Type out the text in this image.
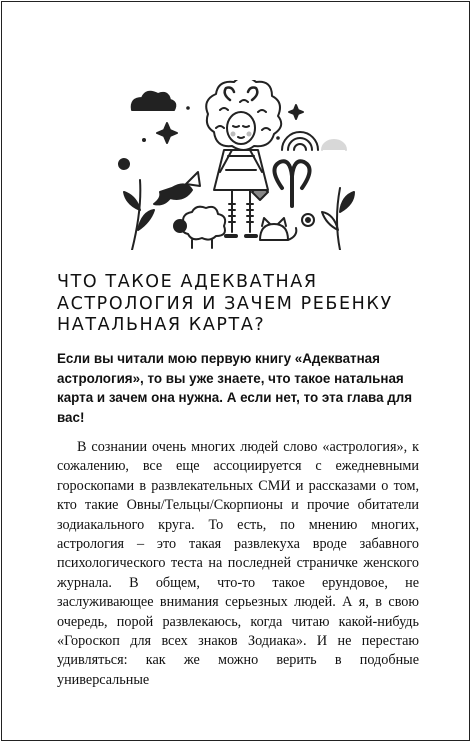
ЧТО ТАКОЕ АДЕКВАТНАЯ АСТРОЛОГИЯ И ЗАЧЕМ РЕБЕНКУ НАТАЛЬНАЯ КАРТА?

Если вы читали мою первую книгу «Адекватная астрология», то вы уже знаете, что такое натальная карта и зачем она нужна. А если нет, то эта глава для вас!

В сознании очень многих людей слово «астрология», к сожалению, все еще ассоциируется с ежедневными гороскопами в развлекательных СМИ и рассказами о том, кто такие Овны/Тельцы/Скорпионы и прочие обитатели зодиакального круга. То есть, по мнению многих, астрология – это такая развлекуха вроде забавного психологического теста на последней страничке женского журнала. В общем, что-то такое ерундовое, не заслуживающее внимания серьезных людей. А я, в свою очередь, порой развлекаюсь, когда читаю какой-нибудь «Гороскоп для всех знаков Зодиака». И не перестаю удивляться: как же можно верить в подобные универсальные
